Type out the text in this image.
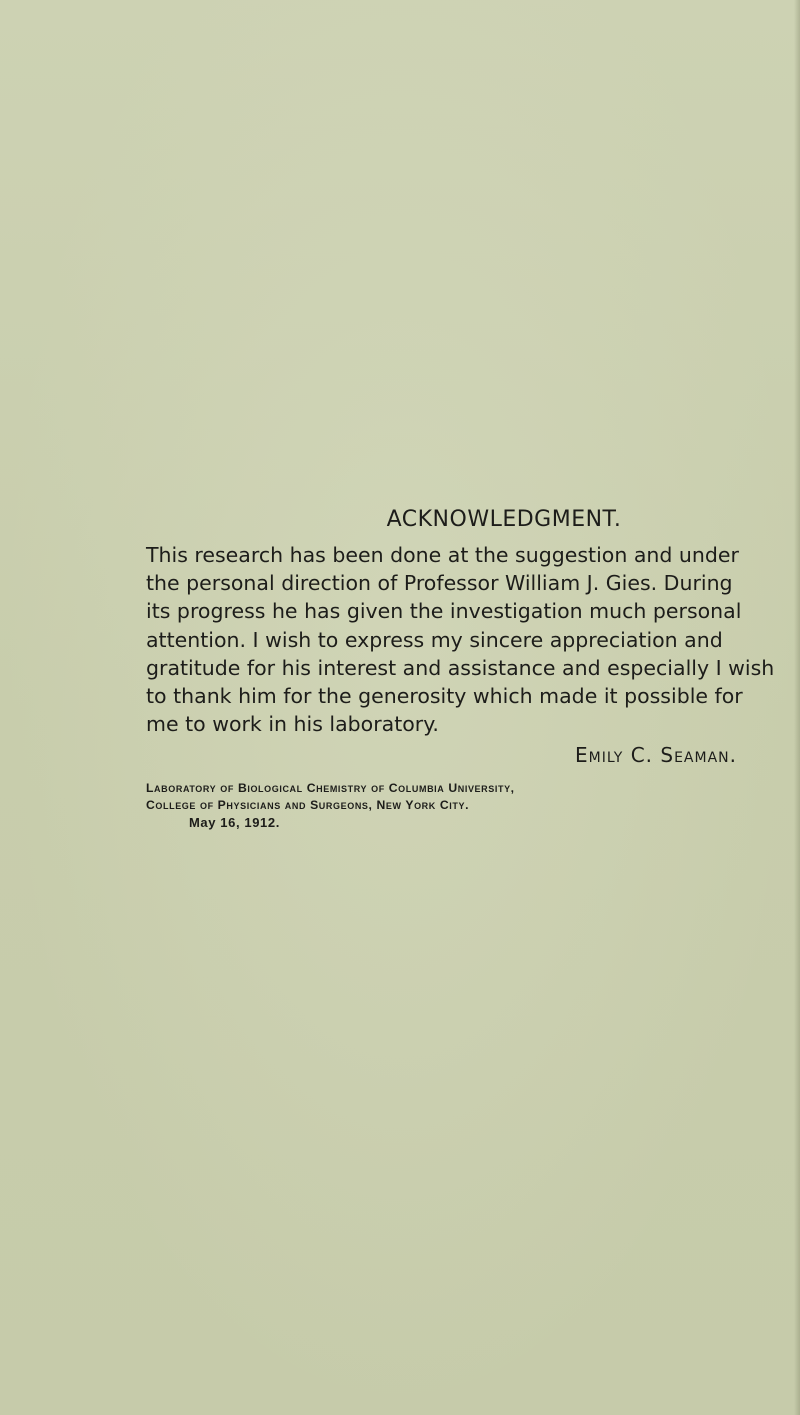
ACKNOWLEDGMENT.

This research has been done at the suggestion and under
the personal direction of Professor William J. Gies. During
its progress he has given the investigation much personal
attention. I wish to express my sincere appreciation and
gratitude for his interest and assistance and especially I wish
to thank him for the generosity which made it possible for
me to work in his laboratory.

Emily C. Seaman.
Laboratory of Biological Chemistry of Columbia University,
College of Physicians and Surgeons, New York City.
May 16, 1912.
